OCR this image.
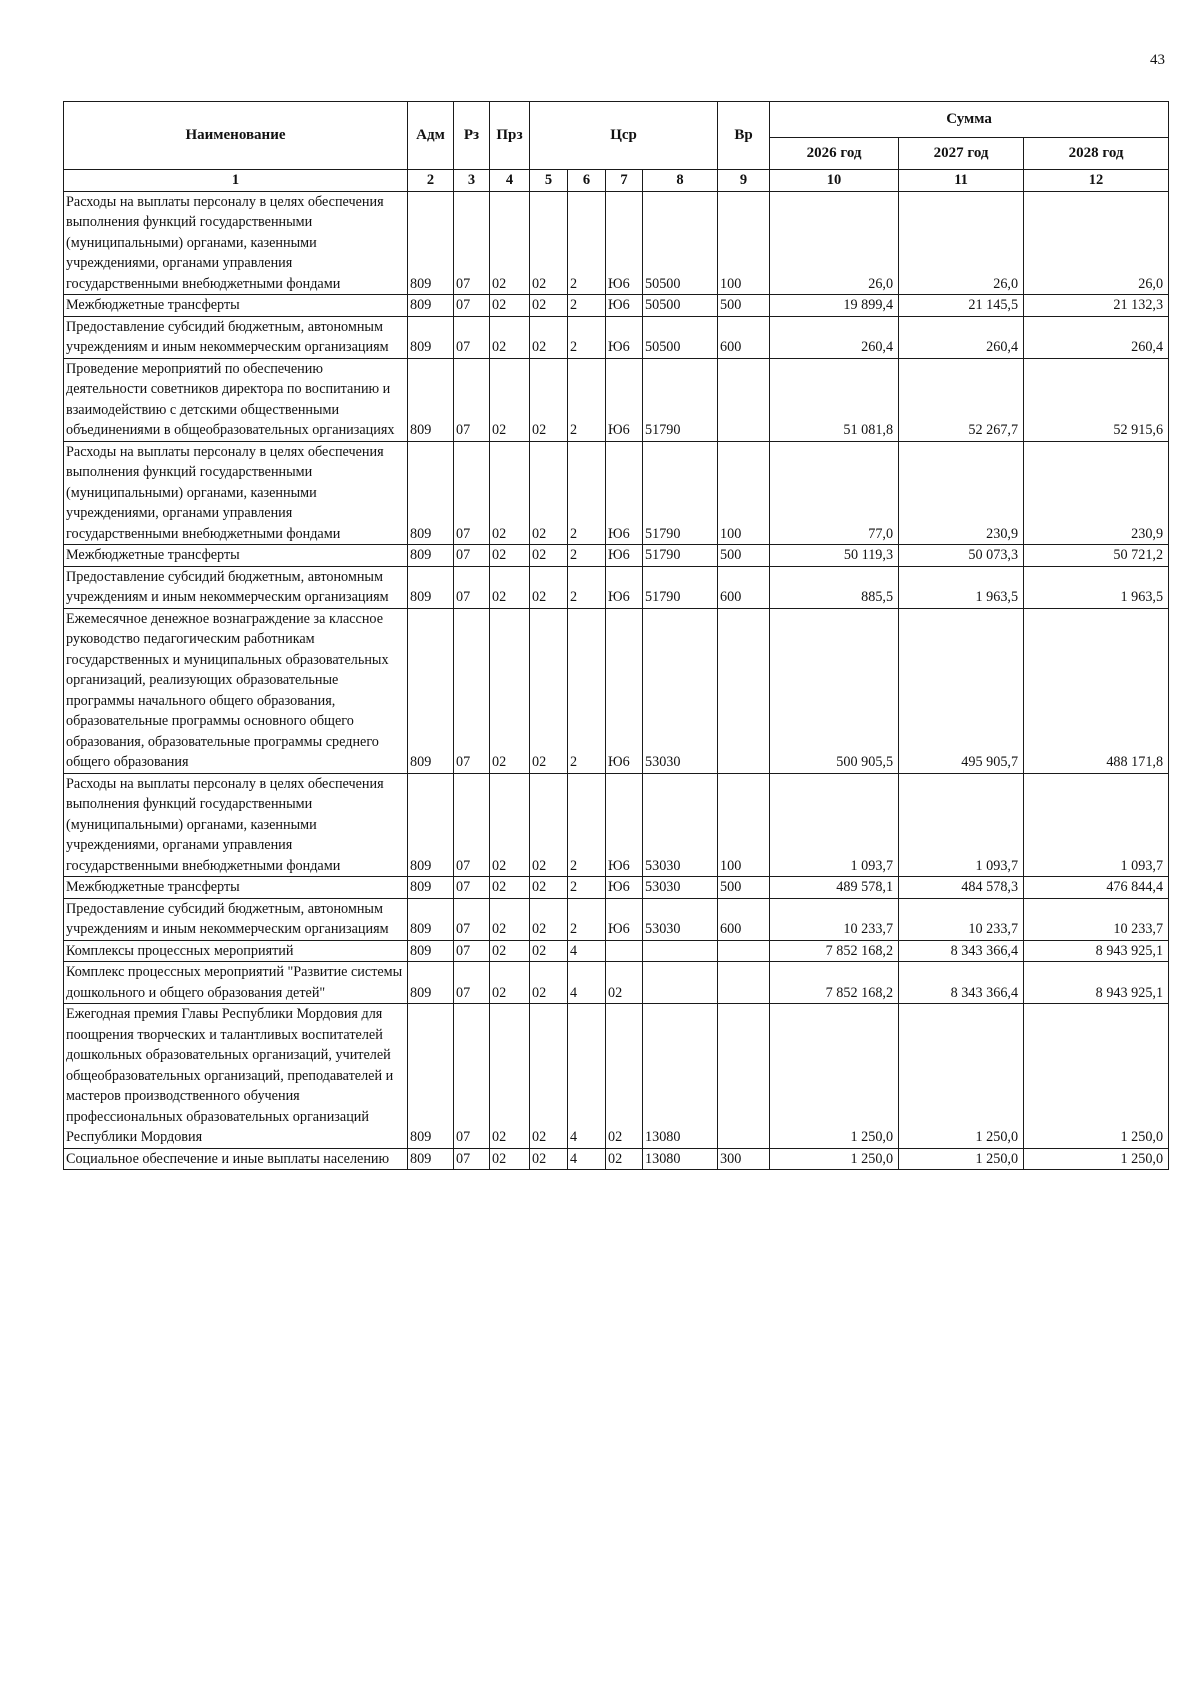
43
Наименование	Адм	Рз	Прз	Цср				Вр	Сумма		
									2026 год	2027 год	2028 год
1	2	3	4	5	6	7	8	9	10	11	12
Расходы на выплаты персоналу в целях обеспечения выполнения функций государственными (муниципальными) органами, казенными учреждениями, органами управления государственными внебюджетными фондами	809	07	02	02	2	Ю6	50500	100	26,0	26,0	26,0
Межбюджетные трансферты	809	07	02	02	2	Ю6	50500	500	19 899,4	21 145,5	21 132,3
Предоставление субсидий бюджетным, автономным учреждениям и иным некоммерческим организациям	809	07	02	02	2	Ю6	50500	600	260,4	260,4	260,4
Проведение мероприятий по обеспечению деятельности советников директора по воспитанию и взаимодействию с детскими общественными объединениями в общеобразовательных организациях	809	07	02	02	2	Ю6	51790		51 081,8	52 267,7	52 915,6
Расходы на выплаты персоналу в целях обеспечения выполнения функций государственными (муниципальными) органами, казенными учреждениями, органами управления государственными внебюджетными фондами	809	07	02	02	2	Ю6	51790	100	77,0	230,9	230,9
Межбюджетные трансферты	809	07	02	02	2	Ю6	51790	500	50 119,3	50 073,3	50 721,2
Предоставление субсидий бюджетным, автономным учреждениям и иным некоммерческим организациям	809	07	02	02	2	Ю6	51790	600	885,5	1 963,5	1 963,5
Ежемесячное денежное вознаграждение за классное руководство педагогическим работникам государственных и муниципальных образовательных организаций, реализующих образовательные программы начального общего образования, образовательные программы основного общего образования, образовательные программы среднего общего образования	809	07	02	02	2	Ю6	53030		500 905,5	495 905,7	488 171,8
Расходы на выплаты персоналу в целях обеспечения выполнения функций государственными (муниципальными) органами, казенными учреждениями, органами управления государственными внебюджетными фондами	809	07	02	02	2	Ю6	53030	100	1 093,7	1 093,7	1 093,7
Межбюджетные трансферты	809	07	02	02	2	Ю6	53030	500	489 578,1	484 578,3	476 844,4
Предоставление субсидий бюджетным, автономным учреждениям и иным некоммерческим организациям	809	07	02	02	2	Ю6	53030	600	10 233,7	10 233,7	10 233,7
Комплексы процессных мероприятий	809	07	02	02	4				7 852 168,2	8 343 366,4	8 943 925,1
Комплекс процессных мероприятий "Развитие системы дошкольного и общего образования детей"	809	07	02	02	4	02			7 852 168,2	8 343 366,4	8 943 925,1
Ежегодная премия Главы Республики Мордовия для поощрения творческих и талантливых воспитателей дошкольных образовательных организаций, учителей общеобразовательных организаций, преподавателей и мастеров производственного обучения профессиональных образовательных организаций Республики Мордовия	809	07	02	02	4	02	13080		1 250,0	1 250,0	1 250,0
Социальное обеспечение и иные выплаты населению	809	07	02	02	4	02	13080	300	1 250,0	1 250,0	1 250,0
